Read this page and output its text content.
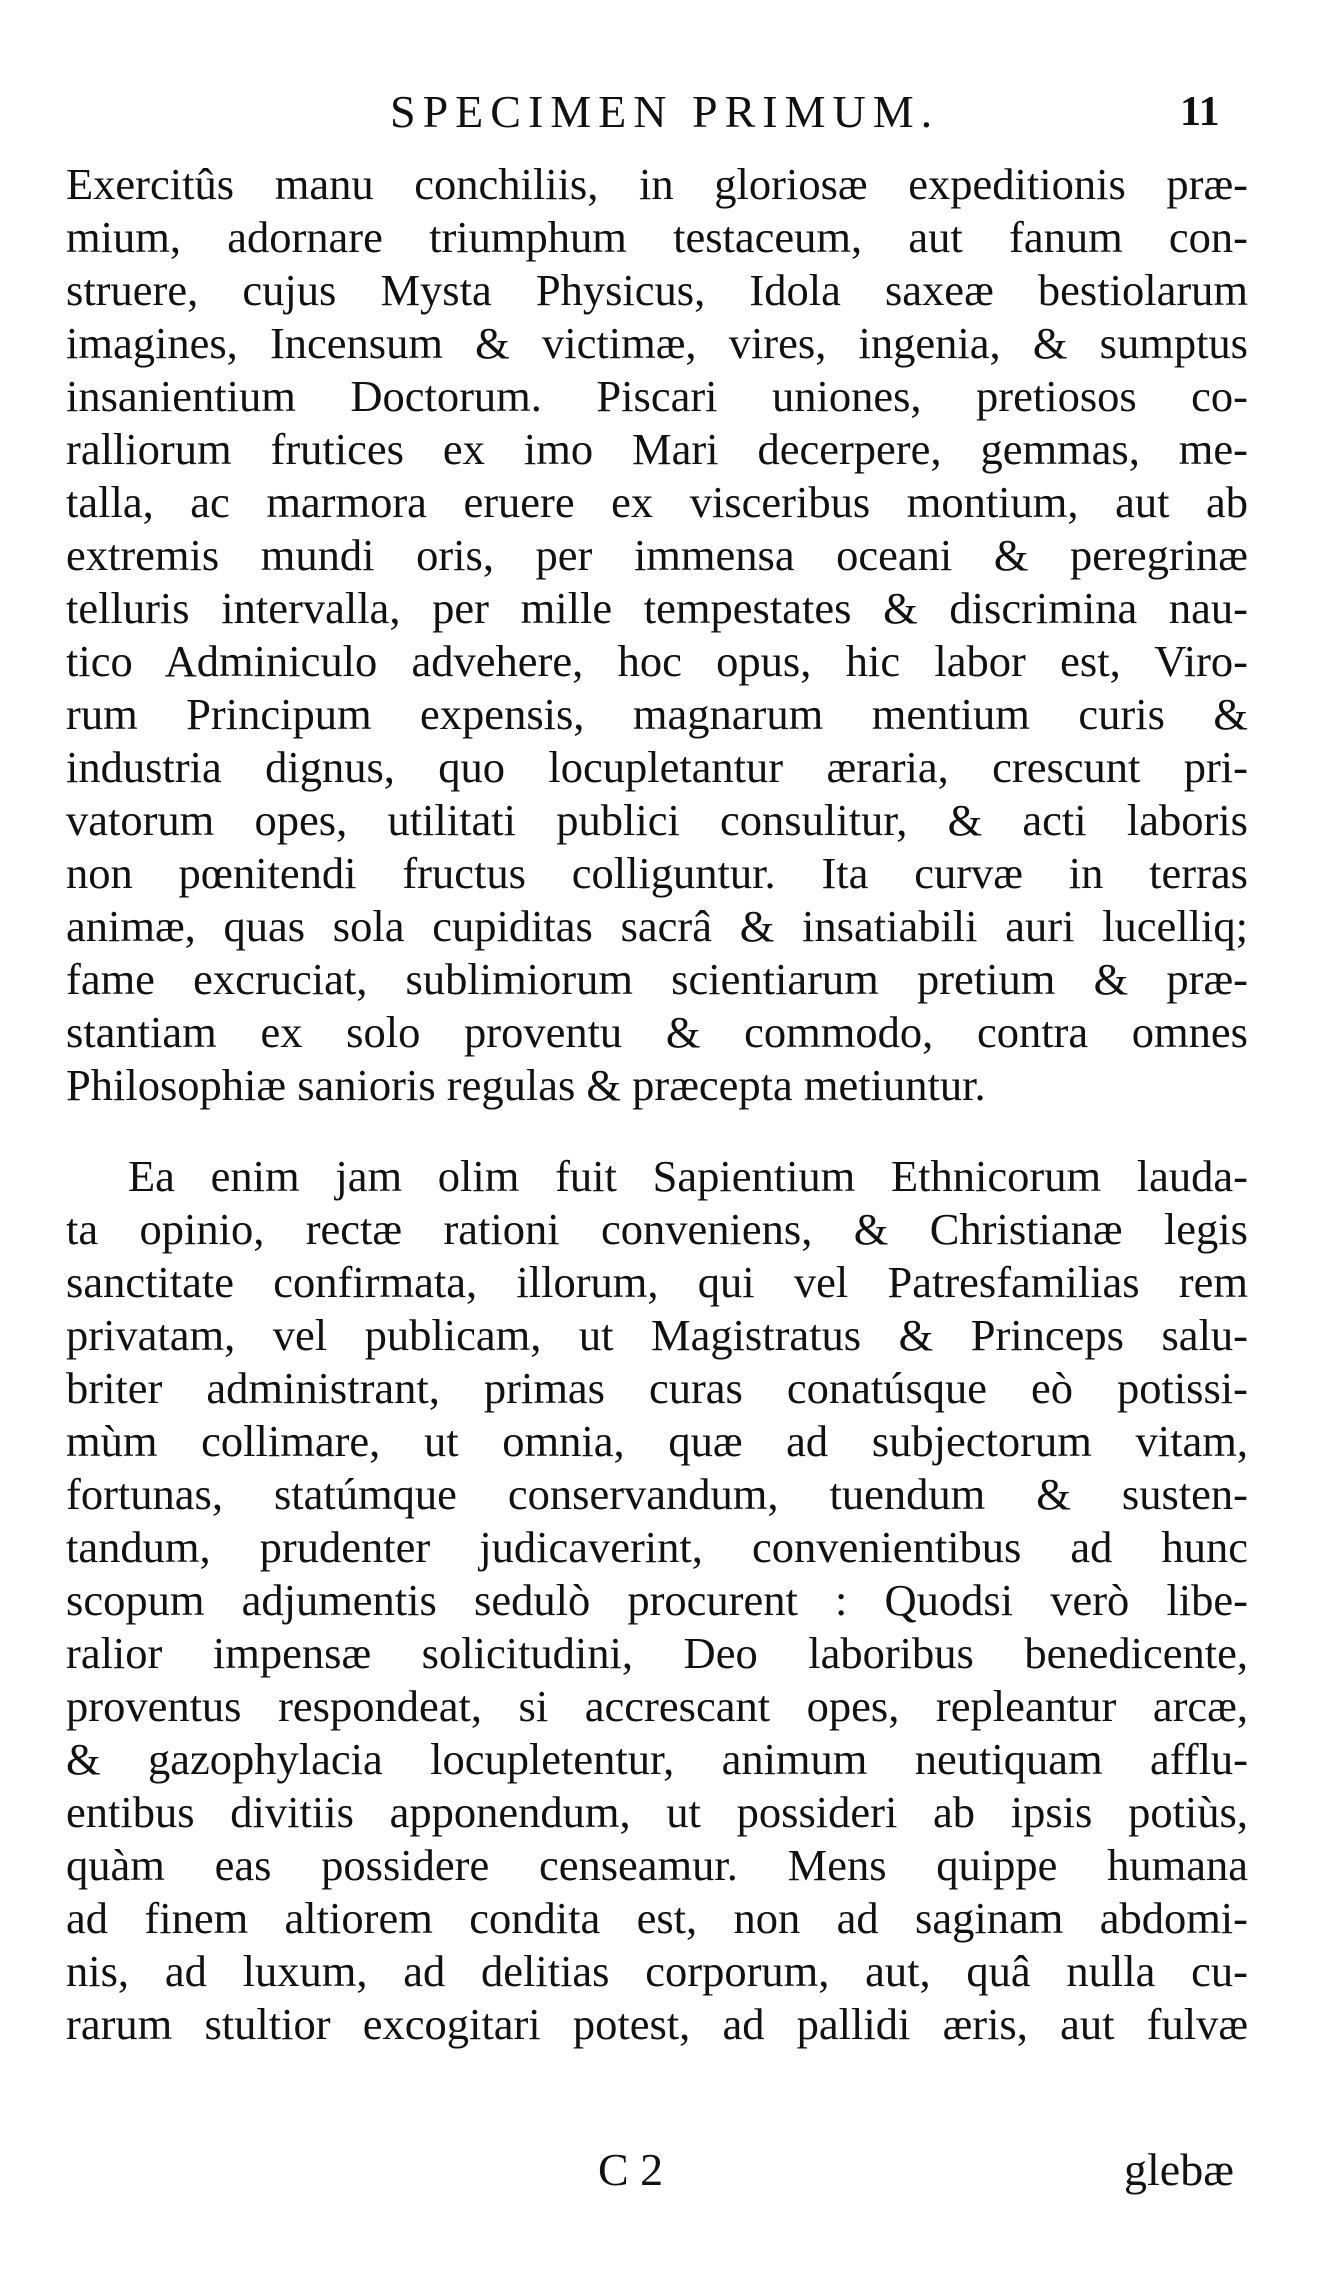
SPECIMEN PRIMUM.	11
Exercitûs manu conchiliis, in gloriosæ expeditionis præ-
mium, adornare triumphum testaceum, aut fanum con-
struere, cujus Mysta Physicus, Idola saxeæ bestiolarum
imagines, Incensum & victimæ, vires, ingenia, & sumptus
insanientium Doctorum. Piscari uniones, pretiosos co-
ralliorum frutices ex imo Mari decerpere, gemmas, me-
talla, ac marmora eruere ex visceribus montium, aut ab
extremis mundi oris, per immensa oceani & peregrinæ
telluris intervalla, per mille tempestates & discrimina nau-
tico Adminiculo advehere, hoc opus, hic labor est, Viro-
rum Principum expensis, magnarum mentium curis &
industria dignus, quo locupletantur æraria, crescunt pri-
vatorum opes, utilitati publici consulitur, & acti laboris
non pœnitendi fructus colliguntur. Ita curvæ in terras
animæ, quas sola cupiditas sacrâ & insatiabili auri lucelliq;
fame excruciat, sublimiorum scientiarum pretium & præ-
stantiam ex solo proventu & commodo, contra omnes
Philosophiæ sanioris regulas & præcepta metiuntur.
Ea enim jam olim fuit Sapientium Ethnicorum lauda-
ta opinio, rectæ rationi conveniens, & Christianæ legis
sanctitate confirmata, illorum, qui vel Patresfamilias rem
privatam, vel publicam, ut Magistratus & Princeps salu-
briter administrant, primas curas conatúsque eò potissi-
mùm collimare, ut omnia, quæ ad subjectorum vitam,
fortunas, statúmque conservandum, tuendum & susten-
tandum, prudenter judicaverint, convenientibus ad hunc
scopum adjumentis sedulò procurent : Quodsi verò libe-
ralior impensæ solicitudini, Deo laboribus benedicente,
proventus respondeat, si accrescant opes, repleantur arcæ,
& gazophylacia locupletentur, animum neutiquam afflu-
entibus divitiis apponendum, ut possideri ab ipsis potiùs,
quàm eas possidere censeamur. Mens quippe humana
ad finem altiorem condita est, non ad saginam abdomi-
nis, ad luxum, ad delitias corporum, aut, quâ nulla cu-
rarum stultior excogitari potest, ad pallidi æris, aut fulvæ
C 2	glebæ
